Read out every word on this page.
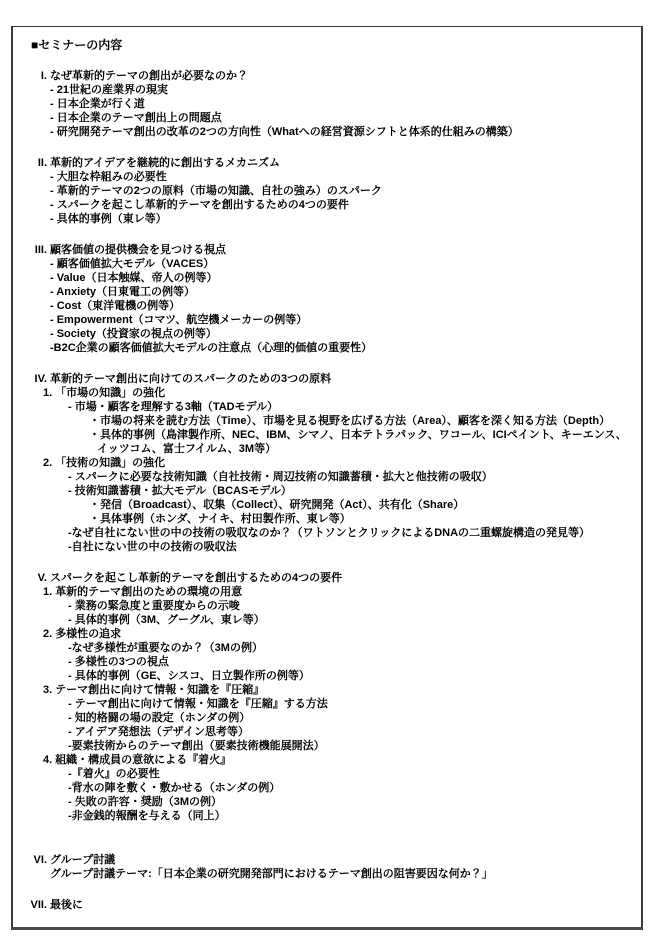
■セミナーの内容
I. なぜ革新的テーマの創出が必要なのか？
- 21世紀の産業界の現実
- 日本企業が行く道
- 日本企業のテーマ創出上の問題点
- 研究開発テーマ創出の改革の2つの方向性（Whatへの経営資源シフトと体系的仕組みの構築）
II. 革新的アイデアを継続的に創出するメカニズム
- 大胆な枠組みの必要性
- 革新的テーマの2つの原料（市場の知識、自社の強み）のスパーク
- スパークを起こし革新的テーマを創出するための4つの要件
- 具体的事例（東レ等）
III. 顧客価値の提供機会を見つける視点
- 顧客価値拡大モデル（VACES）
- Value（日本触媒、帝人の例等）
- Anxiety（日東電工の例等）
- Cost（東洋電機の例等）
- Empowerment（コマツ、航空機メーカーの例等）
- Society（投資家の視点の例等）
-B2C企業の顧客価値拡大モデルの注意点（心理的価値の重要性）
IV. 革新的テーマ創出に向けてのスパークのための3つの原料
1. 「市場の知識」の強化
- 市場・顧客を理解する3軸（TADモデル）
・市場の将来を読む方法（Time）、市場を見る視野を広げる方法（Area）、顧客を深く知る方法（Depth）
・具体的事例（島津製作所、NEC、IBM、シマノ、日本テトラパック、ワコール、ICIペイント、キーエンス、
イッツコム、富士フイルム、3M等）
2. 「技術の知識」の強化
- スパークに必要な技術知識（自社技術・周辺技術の知識蓄積・拡大と他技術の吸収）
- 技術知識蓄積・拡大モデル（BCASモデル）
・発信（Broadcast）、収集（Collect）、研究開発（Act）、共有化（Share）
・具体事例（ホンダ、ナイキ、村田製作所、東レ等）
-なぜ自社にない世の中の技術の吸収なのか？（ワトソンとクリックによるDNAの二重螺旋構造の発見等）
-自社にない世の中の技術の吸収法
V. スパークを起こし革新的テーマを創出するための4つの要件
1. 革新的テーマ創出のための環境の用意
- 業務の緊急度と重要度からの示唆
- 具体的事例（3M、グーグル、東レ等）
2. 多様性の追求
-なぜ多様性が重要なのか？（3Mの例）
- 多様性の3つの視点
- 具体的事例（GE、シスコ、日立製作所の例等）
3. テーマ創出に向けて情報・知識を『圧縮』
- テーマ創出に向けて情報・知識を『圧縮』する方法
- 知的格闘の場の設定（ホンダの例）
- アイデア発想法（デザイン思考等）
-要素技術からのテーマ創出（要素技術機能展開法）
4. 組織・構成員の意欲による『着火』
-『着火』の必要性
-背水の陣を敷く・敷かせる（ホンダの例）
- 失敗の許容・奨励（3Mの例）
-非金銭的報酬を与える（同上）
VI. グループ討議
グループ討議テーマ:「日本企業の研究開発部門におけるテーマ創出の阻害要因な何か？」
VII. 最後に
